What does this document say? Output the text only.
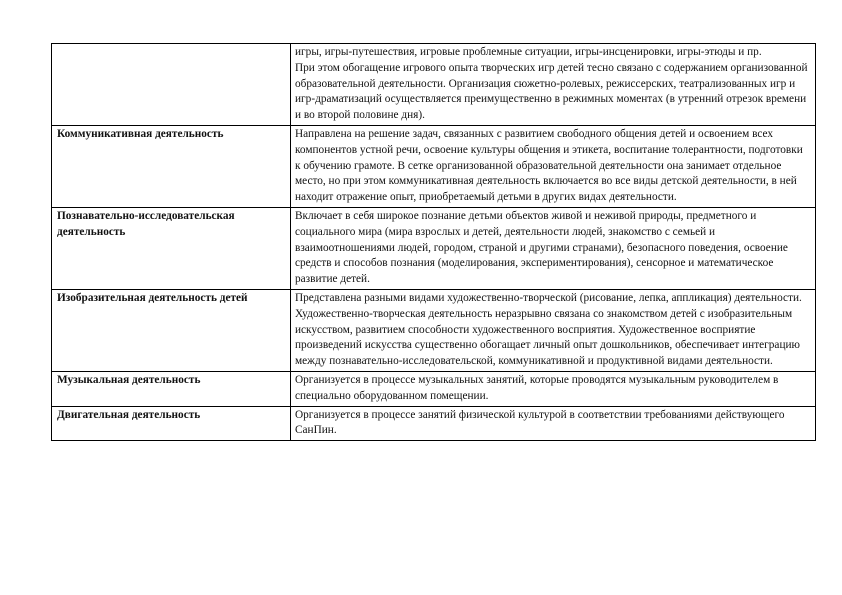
	игры, игры-путешествия, игровые проблемные ситуации, игры-инсценировки, игры-этюды и пр.
При этом обогащение игрового опыта творческих игр детей тесно связано с содержанием организованной образовательной деятельности. Организация сюжетно-ролевых, режиссерских, театрализованных игр и игр-драматизаций осуществляется преимущественно в режимных моментах (в утренний отрезок времени и во второй половине дня).

Коммуникативная деятельность	Направлена на решение задач, связанных с развитием свободного общения детей и освоением всех компонентов устной речи, освоение культуры общения и этикета, воспитание толерантности, подготовки к обучению грамоте. В сетке организованной образовательной деятельности она занимает отдельное место, но при этом коммуникативная деятельность включается во все виды детской деятельности, в ней находит отражение опыт, приобретаемый детьми в других видах деятельности.

Познавательно-исследовательская деятельность	Включает в себя широкое познание детьми объектов живой и неживой природы, предметного и социального мира (мира взрослых и детей, деятельности людей, знакомство с семьей и взаимоотношениями людей, городом, страной и другими странами), безопасного поведения, освоение средств и способов познания (моделирования, экспериментирования), сенсорное и математическое развитие детей.

Изобразительная деятельность детей	Представлена разными видами художественно-творческой (рисование, лепка, аппликация) деятельности. Художественно-творческая деятельность неразрывно связана со знакомством детей с изобразительным искусством, развитием способности художественного восприятия. Художественное восприятие произведений искусства существенно обогащает личный опыт дошкольников, обеспечивает интеграцию между познавательно-исследовательской, коммуникативной и продуктивной видами деятельности.

Музыкальная деятельность	Организуется в процессе музыкальных занятий, которые проводятся музыкальным руководителем в специально оборудованном помещении.

Двигательная деятельность	Организуется в процессе занятий физической культурой в соответствии требованиями действующего СанПин.
